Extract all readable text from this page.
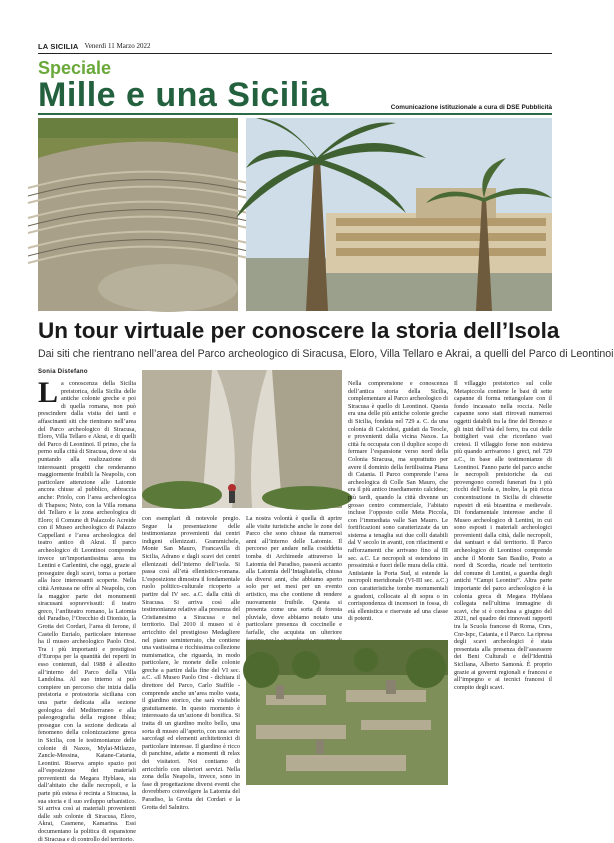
LA SICILIA Venerdì 11 Marzo 2022
Speciale
Mille e una Sicilia	Comunicazione istituzionale a cura di DSE Pubblicità
Un tour virtuale per conoscere la storia dell’Isola
Dai siti che rientrano nell’area del Parco archeologico di Siracusa, Eloro, Villa Tellaro e Akrai, a quelli del Parco di Leontinoi
Sonia Distefano
L a conoscenza della Sicilia preistorica, della Sicilia delle antiche colonie greche e poi di quella romana, non può prescindere dalla visita dei tanti e affascinanti siti che rientrano nell’area del Parco archeologico di Siracusa, Eloro, Villa Tellaro e Akrai, e di quelli del Parco di Leontinoi. Il primo, che fa perno sulla città di Siracusa, dove si sta puntando alla realizzazione di interessanti progetti che renderanno maggiormente fruibili la Neapolis, con particolare attenzione alle Latomie ancora chiuse al pubblico, abbraccia anche: Priolo, con l’area archeologica di Thapsos; Noto, con la Villa romana del Tellaro e la zona archeologica di Eloro; il Comune di Palazzolo Acreide con il Museo archeologico di Palazzo Cappellani e l’area archeologica del teatro antico di Akrai. Il parco archeologico di Leontinoi comprende invece un’importantissima area tra Lentini e Carlentini, che oggi, grazie al proseguire degli scavi, torna a portare alla luce interessanti scoperte. Nella città Aretusea ne offre al Neapolis, con la maggior parte dei monumenti siracusani sopravvissuti: il teatro greco, l’anfiteatro romano, la Latomia del Paradiso, l’Orecchio di Dionisio, la Grotta dei Cordari, l’area di Ierone, il Castello Eurialo, particolare interesse ha il museo archeologico Paolo Orsi. Tra i più importanti e prestigiosi d’Europa per la quantità dei reperti in esso contenuti, dal 1988 è allestito all’interno del Parco della Villa Landolina. Al suo interno si può compiere un percorso che inizia dalla preistoria e protostoria siciliana con una parte dedicata alla sezione geologica del Mediterraneo e alla paleogeografia della regione Iblea; prosegue con la sezione dedicata al fenomeno della colonizzazione greca in Sicilia, con le testimonianze delle colonie di Naxos, Mylai-Milazzo, Zancle-Messina, Katane-Catania, Leontini. Riserva ampio spazio poi all’esposizione dei materiali provenienti da Megara Hyblaea, sia dall’abitato che dalle necropoli, e la parte più estesa è recinta a Siracusa, la sua storia e il suo sviluppo urbanistico. Si arriva così ai materiali provenienti dalle sub colonie di Siracusa, Eloro, Akrai, Casmene, Kamarina. Essi documentano la politica di espansione di Siracusa e di controllo del territorio.
con esemplari di notevole pregio. Segue la presentazione delle testimonianze provenienti dai centri indigeni ellenizzati. Grammichele, Monte San Mauro, Francavilla di Sicilia, Adrano e dagli scavi dei centri ellenizzati dell’interno dell’isola. Si passa così all’età ellenistico-romana. L’esposizione dimostra il fondamentale ruolo politico-culturale ricoperto a partire dal IV sec. a.C. dalla città di Siracusa. Si arriva così alle testimonianze relative alla presenza del Cristianesimo a Siracusa e nel territorio. Dal 2010 il museo si è arricchito del prestigioso Medagliere nel piano seminterrato, che contiene una vastissima e ricchissima collezione numismatica, che riguarda, in modo particolare, le monete delle colonie greche a partire dalla fine del VI sec. a.C. «Il Museo Paolo Orsi - dichiara il direttore del Parco, Carlo Staffile - comprende anche un’area molto vasta, il giardino storico, che sarà visitabile gratuitamente. In questo momento è interessato da un’azione di bonifica. Si tratta di un giardino molto bello, una sorta di museo all’aperto, con una serie sarcofagi ed elementi architettonici di particolare interesse. Il giardino è ricco di panchine, adatte a momenti di relax dei visitatori. Noi contiamo di arricchirlo con ulteriori servizi. Nella zona della Neapolis, invece, sono in fase di progettazione diversi eventi che dovrebbero coinvolgere la Latomia del Paradiso, la Grotta dei Cordari e la Grotta del Salnitro.
La nostra volontà è quella di aprire alle visite turistiche anche le zone del Parco che sono chiuse da numerosi anni all’interno delle Latomie. Il percorso per andare nella cosiddetta tomba di Archimede attraverso la Latomia del Paradiso, passerà accanto alla Latomia dell’Intagliatella, chiusa da diversi anni, che abbiamo aperto solo per sei mesi per un evento artistico, ma che contiene di rendere nuovamente fruibile. Questa si presenta come una sorta di foresta pluviale, dove abbiamo notato una particolare presenza di coccinelle e farfalle, che acquista un ulteriore
Nella comprensione e conoscenza dell’antica storia della Sicilia, complementare al Parco archeologico di Siracusa è quello di Leontinoi. Questa era una delle più antiche colonie greche di Sicilia, fondata nel 729 a. C. da una colonia di Calcidesi, guidati da Teocle, e provenienti dalla vicina Naxos. La città fu occupata con il duplice scopo di fermare l’espansione verso nord della Colonia Siracusa, ma soprattutto per avere il dominio della fertilissima Piana di Catania. Il Parco comprende l’area archeologica di Colle San Mauro, che era il più antico insediamento calcidese; più tardi, quando la città divenne un grosso centro commerciale, l’abitato incluse l’opposto colle Meta Piccola, con l’immediata valle San Mauro. Le fortificazioni sono caratterizzate da un sistema a tenaglia sui due colli databili dal V secolo in avanti, con rifacimenti e rafforzamenti che arrivano fino al III sec. a.C. Le necropoli si estendono in prossimità e fuori delle mura della città. Antistante la Porta Sud, si estende la necropoli meridionale (VI-III sec. a.C.) con caratteristiche tombe monumentali a gradoni, collocate al di sopra o in corrispondenza di incensori in fossa, di età ellenistica e riservate ad una classe di potenti.
Il villaggio preistorico sul colle Metapiccola contiene le basi di sette capanne di forma rettangolare con il fondo incassato nella roccia. Nelle capanne sono stati ritrovati numerosi oggetti databili tra la fine del Bronzo e gli inizi dell’età del ferro, tra cui delle bottiglieri vasi che ricordano vasi cretesi. Il villaggio forse non esisteva più quando arrivarono i greci, nel 729 a.C., in base alle testimonianze di Leontinoi. Fanno parte del parco anche le necropoli preistoriche da cui provengono corredi funerari fra i più ricchi dell’isola e, inoltre, la più ricca concentrazione in Sicilia di chiesette rupestri di età bizantina e medievale. Di fondamentale interesse anche il Museo archeologico di Lentini, in cui sono esposti i materiali archeologici provenienti dalla città, dalle necropoli, dai santuari e dal territorio. Il Parco archeologico di Leontinoi comprende anche il Monte San Basilio, Posto a nord di Scordia, ricade nel territorio del comune di Lentini, a guardia degli antichi “Campi Leontini”. Altra parte importante del parco archeologico è la colonia greca di Megara Hyblaea collegata nell’ultima immagine di scavi, che si è conclusa a giugno del 2021, nel quadro dei rinnovati rapporti tra la Scuola francese di Roma, Cnrs, Cnr-Ispc, Catania, e il Parco. La ripresa degli scavi archeologici è stata presentata alla presenza dell’assessore dei Beni Culturali e dell’Identità Siciliana, Alberto Samonà. È proprio grazie ai governi regionali e francesi e all’impegno e ai tecnici francesi il compito degli scavi.
